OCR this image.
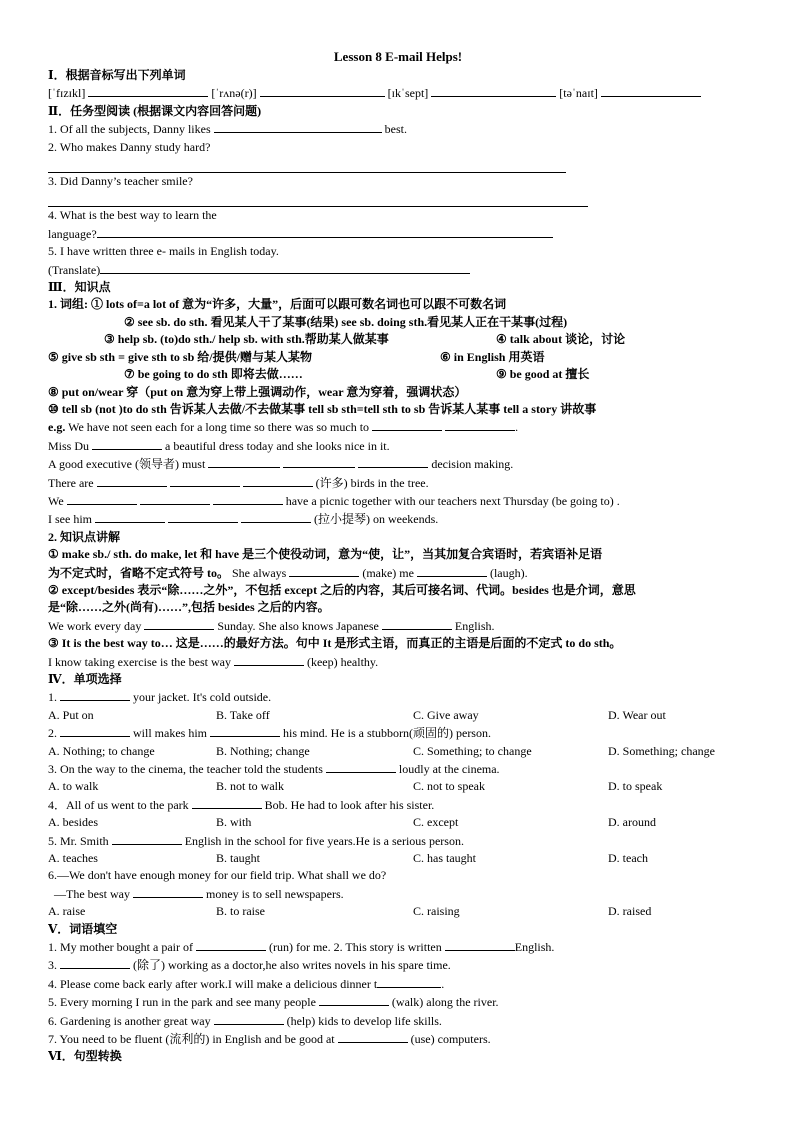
Lesson 8 E-mail Helps!
Ⅰ．根据音标写出下列单词
[ˈfɪzɪkl]	[ˈrʌnə(r)]	[ɪkˈsept]	[təˈnaɪt]
Ⅱ．任务型阅读 (根据课文内容回答问题)
1. Of all the subjects, Danny likes	best.
2. Who makes Danny study hard?
3. Did Danny’s teacher smile?
4. What is the best way to learn the
language?
5. I have written three e- mails in English today.
(Translate)
Ⅲ．知识点
1. 词组: ① lots of=a lot of 意为“许多，大量”，后面可以跟可数名词也可以跟不可数名词
② see sb. do sth. 看见某人干了某事(结果) see sb. doing sth.看见某人正在干某事(过程)
③ help sb. (to)do sth./ help sb. with sth.帮助某人做某事	④ talk about 谈论，讨论
⑤ give sb sth = give sth to sb 给/提供/赠与某人某物	⑥ in English 用英语
⑦ be going to do sth 即将去做……	⑨ be good at 擅长
⑧ put on/wear 穿（put on 意为穿上带上强调动作，wear 意为穿着，强调状态）
⑩ tell sb (not )to do sth 告诉某人去做/不去做某事 tell sb sth=tell sth to sb 告诉某人某事 tell a story 讲故事
e.g. We have not seen each for a long time so there was so much to	.
Miss Du	a beautiful dress today and she looks nice in it.
A good executive (领导者) must	decision making.
There are	(许多) birds in the tree.
We	have a picnic together with our teachers next Thursday (be going to) .
I see him	(拉小提琴) on weekends.
2. 知识点讲解
① make sb./ sth. do make, let 和 have 是三个使役动词，意为“使，让”，当其加复合宾语时，若宾语补足语
为不定式时，省略不定式符号 to。 She always	(make) me	(laugh).
② except/besides 表示“除……之外”，不包括 except 之后的内容，其后可接名词、代词。besides 也是介词，意思
是“除……之外(尚有)……”,包括 besides 之后的内容。
We work every day	Sunday. She also knows Japanese	English.
③ It is the best way to… 这是……的最好方法。句中 It 是形式主语，而真正的主语是后面的不定式 to do sth。
I know taking exercise is the best way	(keep) healthy.
Ⅳ．单项选择
1.	your jacket. It's cold outside.
A. Put on	B. Take off	C. Give away	D. Wear out
2.	will makes him	his mind. He is a stubborn(顽固的) person.
A. Nothing; to change	B. Nothing; change	C. Something; to change	D. Something; change
3. On the way to the cinema, the teacher told the students	loudly at the cinema.
A. to walk	B. not to walk	C. not to speak	D. to speak
4．All of us went to the park	Bob. He had to look after his sister.
A. besides	B. with	C. except	D. around
5. Mr. Smith	English in the school for five years.He is a serious person.
A. teaches	B. taught	C. has taught	D. teach
6.—We don't have enough money for our field trip. What shall we do?
—The best way	money is to sell newspapers.
A. raise	B. to raise	C. raising	D. raised
Ⅴ．词语填空
1. My mother bought a pair of	(run) for me. 2. This story is written	English.
3.	(除了) working as a doctor,he also writes novels in his spare time.
4. Please come back early after work.I will make a delicious dinner t	.
5. Every morning I run in the park and see many people	(walk) along the river.
6. Gardening is another great way	(help) kids to develop life skills.
7. You need to be fluent (流利的) in English and be good at	(use) computers.
Ⅵ．句型转换
